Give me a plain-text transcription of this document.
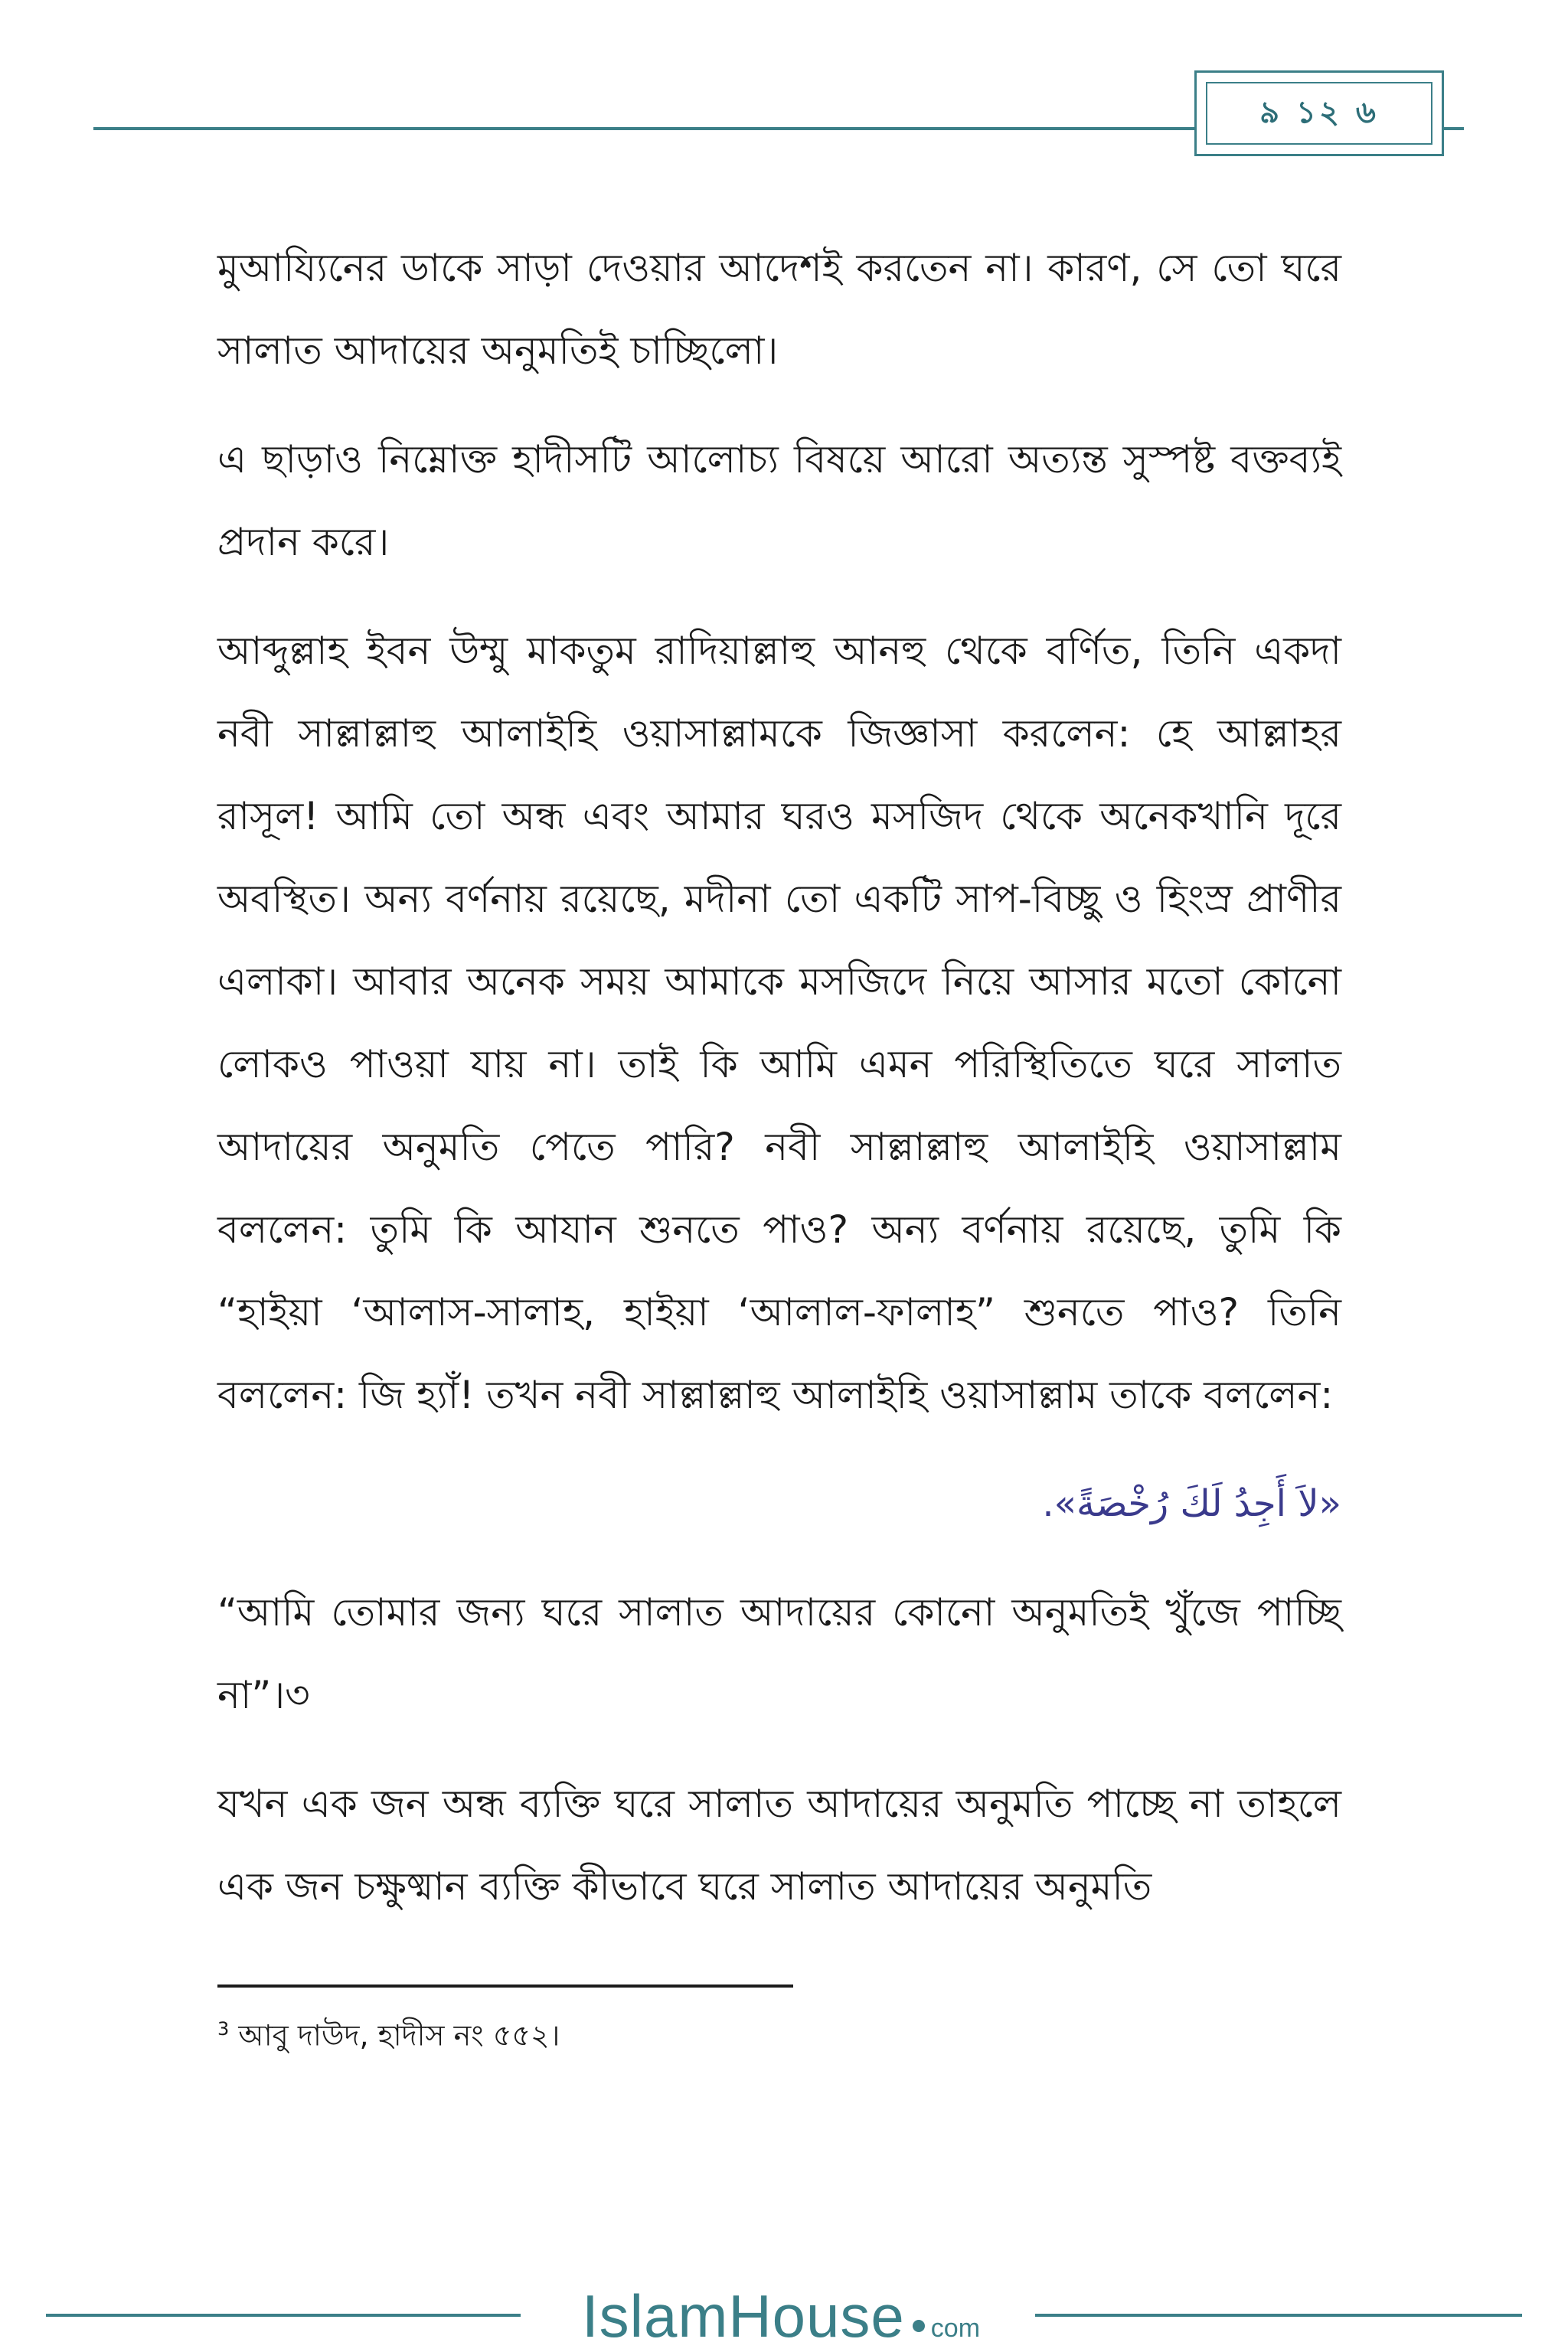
৯ ১২ ৬

মুআয্যিনের ডাকে সাড়া দেওয়ার আদেশই করতেন না। কারণ, সে তো ঘরে সালাত আদায়ের অনুমতিই চাচ্ছিলো।

এ ছাড়াও নিম্নোক্ত হাদীসটি আলোচ্য বিষয়ে আরো অত্যন্ত সুস্পষ্ট বক্তব্যই প্রদান করে।

আব্দুল্লাহ ইবন উম্মু মাকতুম রাদিয়াল্লাহু আনহু থেকে বর্ণিত, তিনি একদা নবী সাল্লাল্লাহু আলাইহি ওয়াসাল্লামকে জিজ্ঞাসা করলেন: হে আল্লাহর রাসূল! আমি তো অন্ধ এবং আমার ঘরও মসজিদ থেকে অনেকখানি দূরে অবস্থিত। অন্য বর্ণনায় রয়েছে, মদীনা তো একটি সাপ-বিচ্ছু ও হিংস্র প্রাণীর এলাকা। আবার অনেক সময় আমাকে মসজিদে নিয়ে আসার মতো কোনো লোকও পাওয়া যায় না। তাই কি আমি এমন পরিস্থিতিতে ঘরে সালাত আদায়ের অনুমতি পেতে পারি? নবী সাল্লাল্লাহু আলাইহি ওয়াসাল্লাম বললেন: তুমি কি আযান শুনতে পাও? অন্য বর্ণনায় রয়েছে, তুমি কি “হাইয়া ‘আলাস-সালাহ, হাইয়া ‘আলাল-ফালাহ” শুনতে পাও? তিনি বললেন: জি হ্যাঁ! তখন নবী সাল্লাল্লাহু আলাইহি ওয়াসাল্লাম তাকে বললেন:

«لاَ أَجِدُ لَكَ رُخْصَةً».

“আমি তোমার জন্য ঘরে সালাত আদায়ের কোনো অনুমতিই খুঁজে পাচ্ছি না”।৩

যখন এক জন অন্ধ ব্যক্তি ঘরে সালাত আদায়ের অনুমতি পাচ্ছে না তাহলে এক জন চক্ষুষ্মান ব্যক্তি কীভাবে ঘরে সালাত আদায়ের অনুমতি

$^3$ আবু দাউদ, হাদীস নং ৫৫২।
IslamHouse com
